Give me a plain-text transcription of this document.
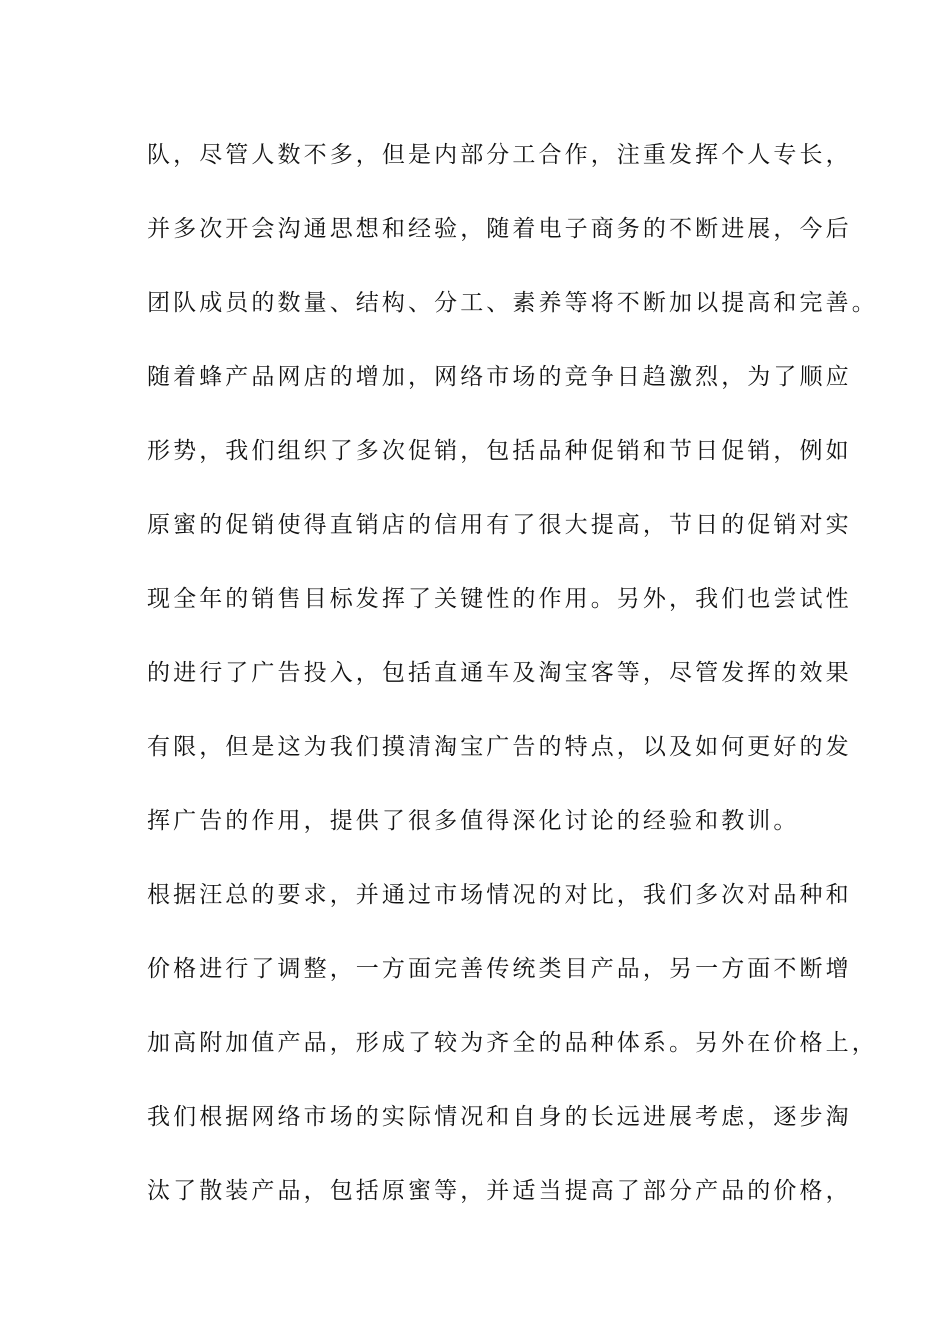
队，尽管人数不多，但是内部分工合作，注重发挥个人专长，
并多次开会沟通思想和经验，随着电子商务的不断进展，今后
团队成员的数量、结构、分工、素养等将不断加以提高和完善。
随着蜂产品网店的增加，网络市场的竞争日趋激烈，为了顺应
形势，我们组织了多次促销，包括品种促销和节日促销，例如
原蜜的促销使得直销店的信用有了很大提高，节日的促销对实
现全年的销售目标发挥了关键性的作用。另外，我们也尝试性
的进行了广告投入，包括直通车及淘宝客等，尽管发挥的效果
有限，但是这为我们摸清淘宝广告的特点，以及如何更好的发
挥广告的作用，提供了很多值得深化讨论的经验和教训。
根据汪总的要求，并通过市场情况的对比，我们多次对品种和
价格进行了调整，一方面完善传统类目产品，另一方面不断增
加高附加值产品，形成了较为齐全的品种体系。另外在价格上，
我们根据网络市场的实际情况和自身的长远进展考虑，逐步淘
汰了散装产品，包括原蜜等，并适当提高了部分产品的价格，
